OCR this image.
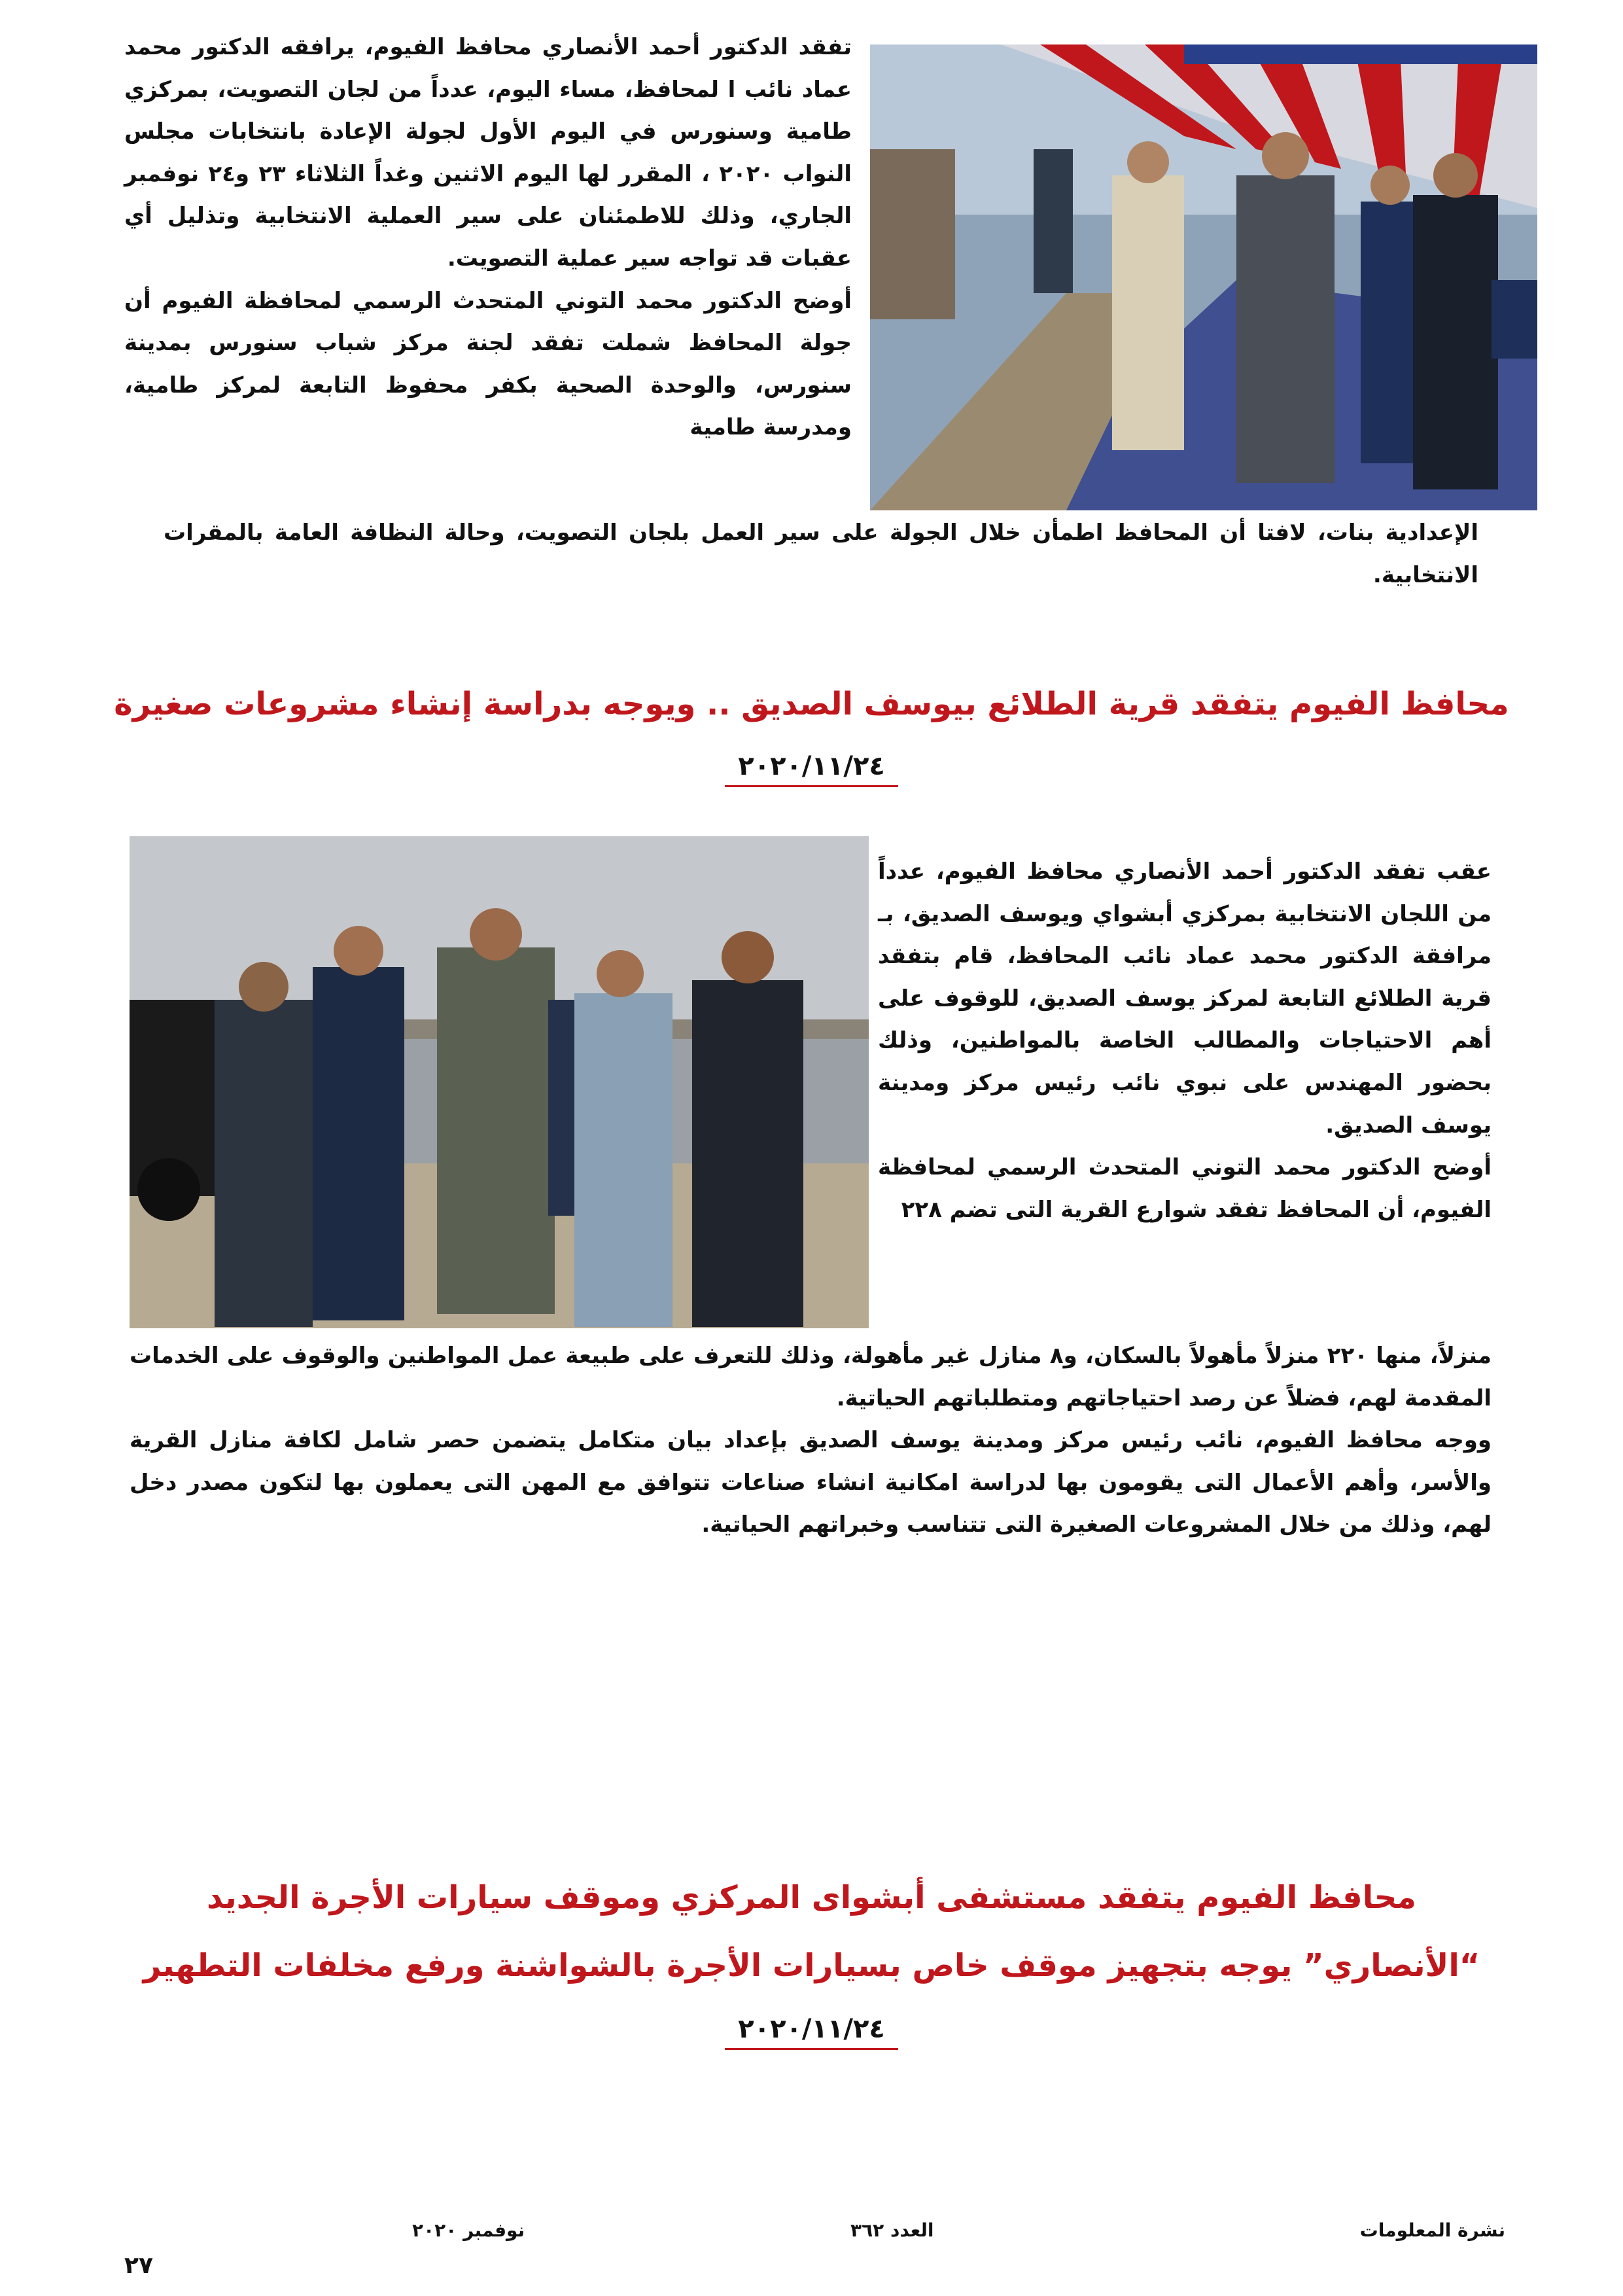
تفقد الدكتور أحمد الأنصاري محافظ الفيوم، يرافقه الدكتور محمد عماد نائب ا لمحافظ، مساء اليوم، عدداً من لجان التصويت، بمركزي طامية وسنورس في اليوم الأول لجولة الإعادة بانتخابات مجلس النواب ٢٠٢٠ ، المقرر لها اليوم الاثنين وغداً الثلاثاء ٢٣ و٢٤ نوفمبر الجاري، وذلك للاطمئنان على سير العملية الانتخابية وتذليل أي عقبات قد تواجه سير عملية التصويت.

أوضح الدكتور محمد التوني المتحدث الرسمي لمحافظة الفيوم أن جولة المحافظ شملت تفقد لجنة مركز شباب سنورس بمدينة سنورس، والوحدة الصحية بكفر محفوظ التابعة لمركز طامية، ومدرسة طامية

الإعدادية بنات، لافتا أن المحافظ اطمأن خلال الجولة على سير العمل بلجان التصويت، وحالة النظافة العامة بالمقرات الانتخابية.

محافظ الفيوم يتفقد قرية الطلائع بيوسف الصديق .. ويوجه بدراسة إنشاء مشروعات صغيرة
٢٠٢٠/١١/٢٤

عقب تفقد الدكتور أحمد الأنصاري محافظ الفيوم، عدداً من اللجان الانتخابية بمركزي أبشواي ويوسف الصديق، بـ مرافقة الدكتور محمد عماد نائب المحافظ، قام بتفقد قرية الطلائع التابعة لمركز يوسف الصديق، للوقوف على أهم الاحتياجات والمطالب الخاصة بالمواطنين، وذلك بحضور المهندس على نبوي نائب رئيس مركز ومدينة يوسف الصديق.

أوضح الدكتور محمد التوني المتحدث الرسمي لمحافظة الفيوم، أن المحافظ تفقد شوارع القرية التى تضم ٢٢٨

منزلاً، منها ٢٢٠ منزلاً مأهولاً بالسكان، و٨ منازل غير مأهولة، وذلك للتعرف على طبيعة عمل المواطنين والوقوف على الخدمات المقدمة لهم، فضلاً عن رصد احتياجاتهم ومتطلباتهم الحياتية.

ووجه محافظ الفيوم، نائب رئيس مركز ومدينة يوسف الصديق بإعداد بيان متكامل يتضمن حصر شامل لكافة منازل القرية والأسر، وأهم الأعمال التى يقومون بها لدراسة امكانية انشاء صناعات تتوافق مع المهن التى يعملون بها لتكون مصدر دخل لهم، وذلك من خلال المشروعات الصغيرة التى تتناسب وخبراتهم الحياتية.

محافظ الفيوم يتفقد مستشفى أبشواى المركزي وموقف سيارات الأجرة الجديد
“الأنصاري” يوجه بتجهيز موقف خاص بسيارات الأجرة بالشواشنة ورفع مخلفات التطهير
٢٠٢٠/١١/٢٤
نشرة المعلومات
العدد ٣٦٢
نوفمبر ٢٠٢٠
٢٧
